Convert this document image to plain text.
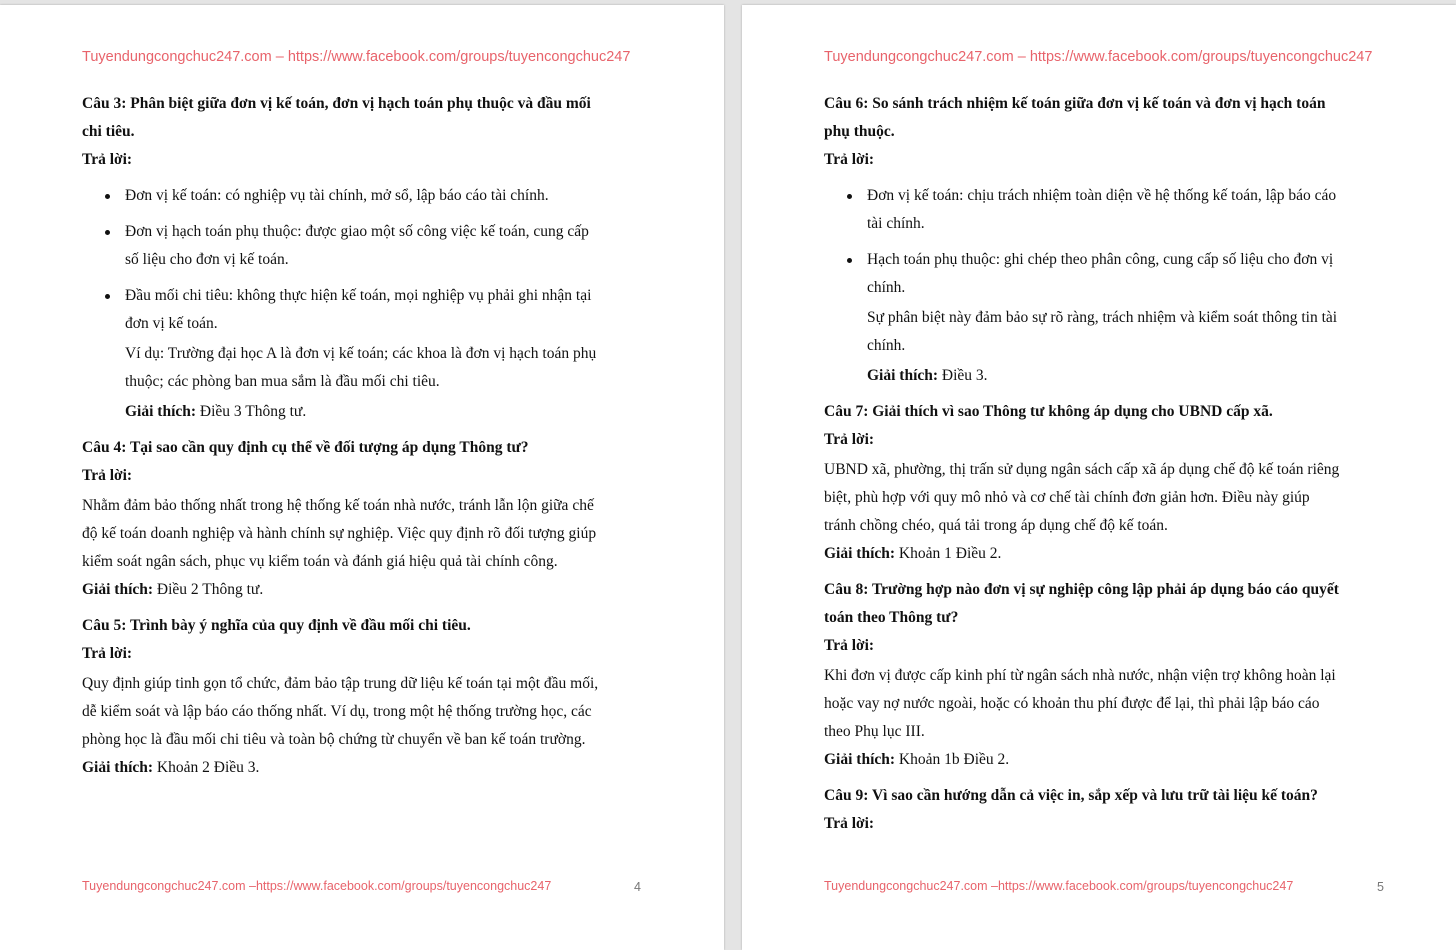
Tuyendungcongchuc247.com – https://www.facebook.com/groups/tuyencongchuc247
Câu 3: Phân biệt giữa đơn vị kế toán, đơn vị hạch toán phụ thuộc và đầu mối
chi tiêu.
Trả lời:
Đơn vị kế toán: có nghiệp vụ tài chính, mở sổ, lập báo cáo tài chính.
Đơn vị hạch toán phụ thuộc: được giao một số công việc kế toán, cung cấp
số liệu cho đơn vị kế toán.
Đầu mối chi tiêu: không thực hiện kế toán, mọi nghiệp vụ phải ghi nhận tại
đơn vị kế toán.
Ví dụ: Trường đại học A là đơn vị kế toán; các khoa là đơn vị hạch toán phụ
thuộc; các phòng ban mua sắm là đầu mối chi tiêu.
Giải thích: Điều 3 Thông tư.
Câu 4: Tại sao cần quy định cụ thể về đối tượng áp dụng Thông tư?
Trả lời:
Nhằm đảm bảo thống nhất trong hệ thống kế toán nhà nước, tránh lẫn lộn giữa chế
độ kế toán doanh nghiệp và hành chính sự nghiệp. Việc quy định rõ đối tượng giúp
kiểm soát ngân sách, phục vụ kiểm toán và đánh giá hiệu quả tài chính công.
Giải thích: Điều 2 Thông tư.
Câu 5: Trình bày ý nghĩa của quy định về đầu mối chi tiêu.
Trả lời:
Quy định giúp tinh gọn tổ chức, đảm bảo tập trung dữ liệu kế toán tại một đầu mối,
dễ kiểm soát và lập báo cáo thống nhất. Ví dụ, trong một hệ thống trường học, các
phòng học là đầu mối chi tiêu và toàn bộ chứng từ chuyển về ban kế toán trường.
Giải thích: Khoản 2 Điều 3.
Tuyendungcongchuc247.com –https://www.facebook.com/groups/tuyencongchuc247	4
Tuyendungcongchuc247.com – https://www.facebook.com/groups/tuyencongchuc247
Câu 6: So sánh trách nhiệm kế toán giữa đơn vị kế toán và đơn vị hạch toán
phụ thuộc.
Trả lời:
Đơn vị kế toán: chịu trách nhiệm toàn diện về hệ thống kế toán, lập báo cáo
tài chính.
Hạch toán phụ thuộc: ghi chép theo phân công, cung cấp số liệu cho đơn vị
chính.
Sự phân biệt này đảm bảo sự rõ ràng, trách nhiệm và kiểm soát thông tin tài
chính.
Giải thích: Điều 3.
Câu 7: Giải thích vì sao Thông tư không áp dụng cho UBND cấp xã.
Trả lời:
UBND xã, phường, thị trấn sử dụng ngân sách cấp xã áp dụng chế độ kế toán riêng
biệt, phù hợp với quy mô nhỏ và cơ chế tài chính đơn giản hơn. Điều này giúp
tránh chồng chéo, quá tải trong áp dụng chế độ kế toán.
Giải thích: Khoản 1 Điều 2.
Câu 8: Trường hợp nào đơn vị sự nghiệp công lập phải áp dụng báo cáo quyết
toán theo Thông tư?
Trả lời:
Khi đơn vị được cấp kinh phí từ ngân sách nhà nước, nhận viện trợ không hoàn lại
hoặc vay nợ nước ngoài, hoặc có khoản thu phí được để lại, thì phải lập báo cáo
theo Phụ lục III.
Giải thích: Khoản 1b Điều 2.
Câu 9: Vì sao cần hướng dẫn cả việc in, sắp xếp và lưu trữ tài liệu kế toán?
Trả lời:
Tuyendungcongchuc247.com –https://www.facebook.com/groups/tuyencongchuc247	5
